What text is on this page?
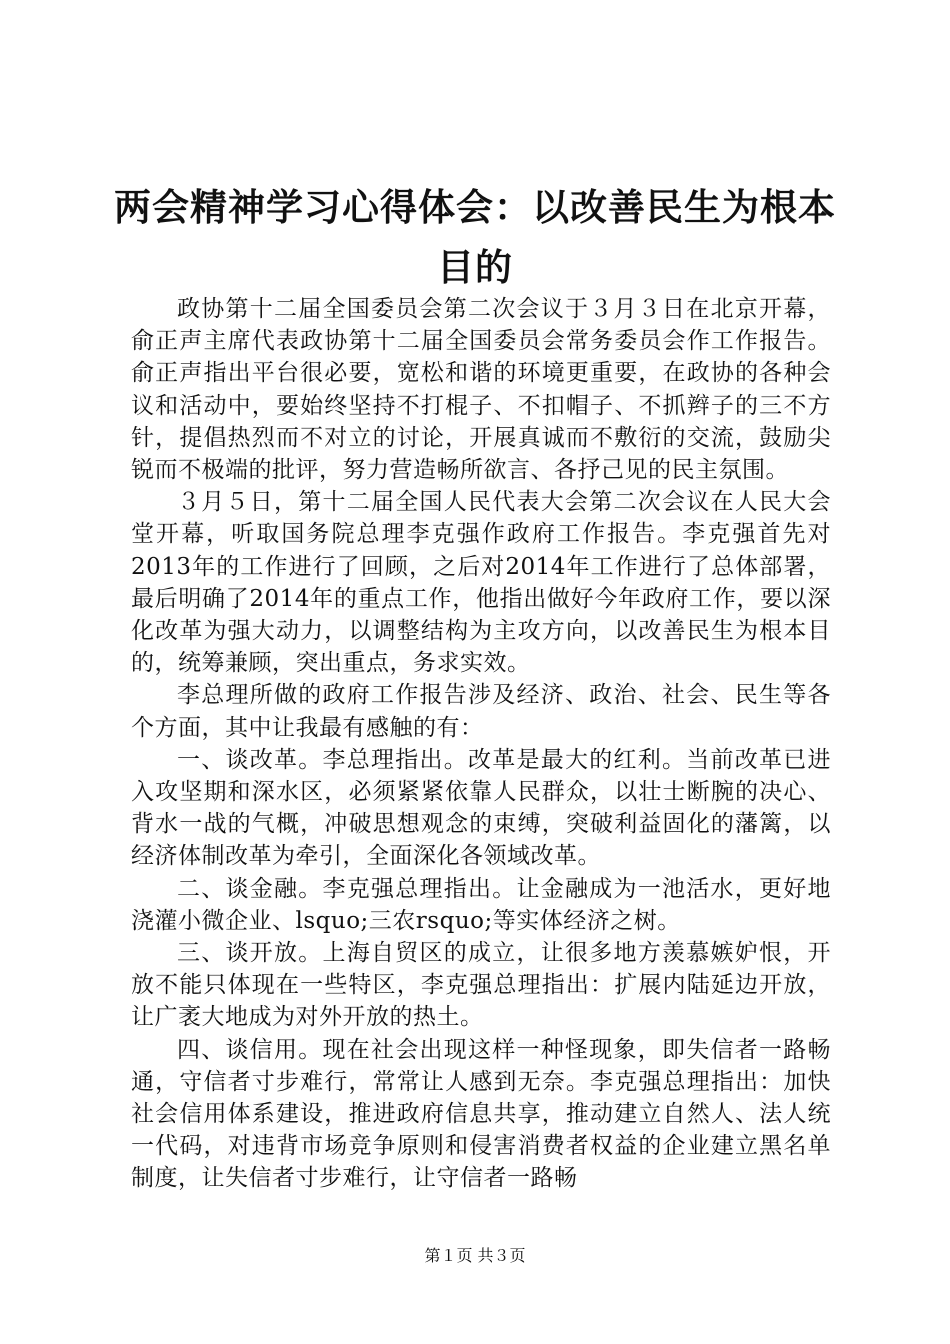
两会精神学习心得体会：以改善民生为根本目的

政协第十二届全国委员会第二次会议于３月３日在北京开幕，俞正声主席代表政协第十二届全国委员会常务委员会作工作报告。俞正声指出平台很必要，宽松和谐的环境更重要，在政协的各种会议和活动中，要始终坚持不打棍子、不扣帽子、不抓辫子的三不方针，提倡热烈而不对立的讨论，开展真诚而不敷衍的交流，鼓励尖锐而不极端的批评，努力营造畅所欲言、各抒己见的民主氛围。

３月５日，第十二届全国人民代表大会第二次会议在人民大会堂开幕，听取国务院总理李克强作政府工作报告。李克强首先对2013年的工作进行了回顾，之后对2014年工作进行了总体部署，最后明确了2014年的重点工作，他指出做好今年政府工作，要以深化改革为强大动力，以调整结构为主攻方向，以改善民生为根本目的，统筹兼顾，突出重点，务求实效。

李总理所做的政府工作报告涉及经济、政治、社会、民生等各个方面，其中让我最有感触的有：

一、谈改革。李总理指出。改革是最大的红利。当前改革已进入攻坚期和深水区，必须紧紧依靠人民群众，以壮士断腕的决心、背水一战的气概，冲破思想观念的束缚，突破利益固化的藩篱，以经济体制改革为牵引，全面深化各领域改革。

二、谈金融。李克强总理指出。让金融成为一池活水，更好地浇灌小微企业、lsquo;三农rsquo;等实体经济之树。

三、谈开放。上海自贸区的成立，让很多地方羡慕嫉妒恨，开放不能只体现在一些特区，李克强总理指出：扩展内陆延边开放，让广袤大地成为对外开放的热土。

四、谈信用。现在社会出现这样一种怪现象，即失信者一路畅通，守信者寸步难行，常常让人感到无奈。李克强总理指出：加快社会信用体系建设，推进政府信息共享，推动建立自然人、法人统一代码，对违背市场竞争原则和侵害消费者权益的企业建立黑名单制度，让失信者寸步难行，让守信者一路畅

第１页 共３页
